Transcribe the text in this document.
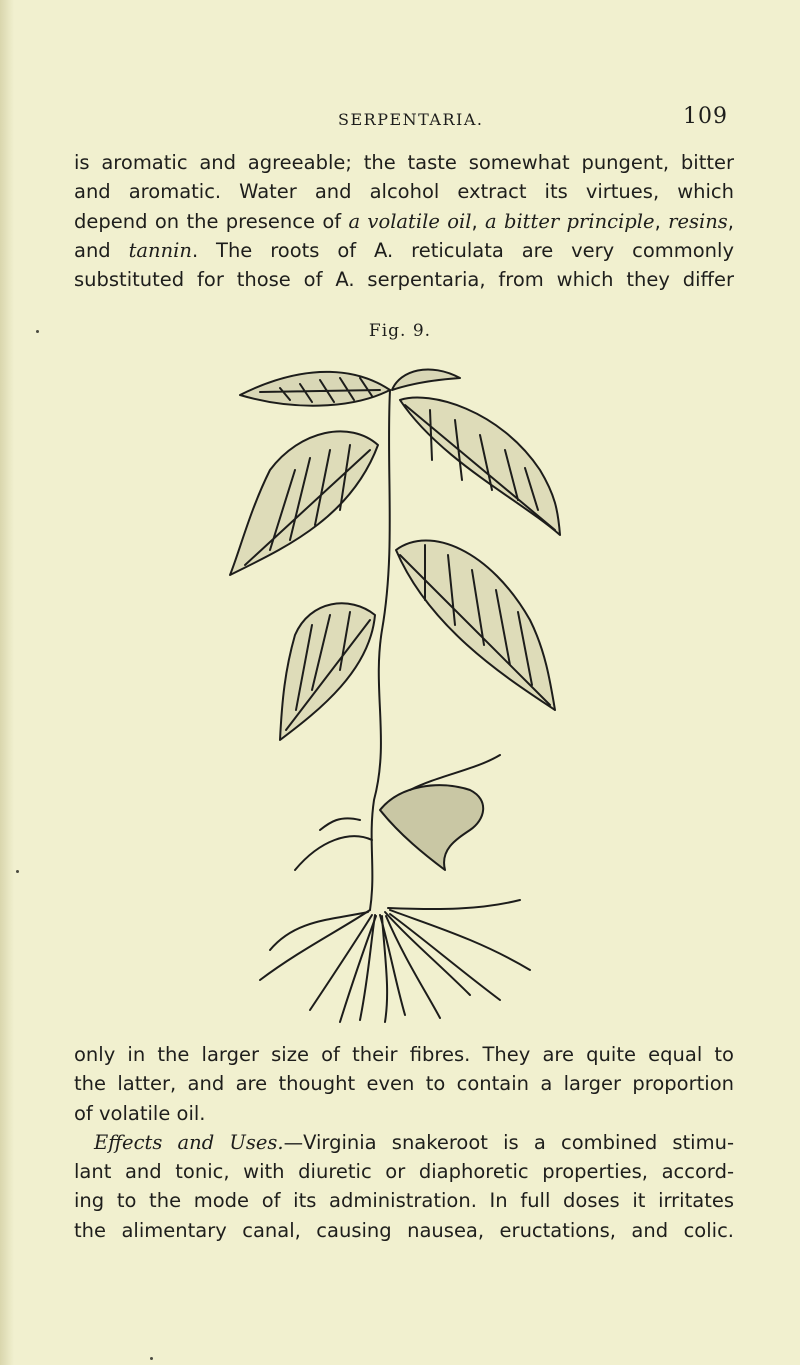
SERPENTARIA.	109

is aromatic and agreeable; the taste somewhat pungent, bitter
and aromatic. Water and alcohol extract its virtues, which
depend on the presence of a volatile oil, a bitter principle, resins,
and tannin. The roots of A. reticulata are very commonly
substituted for those of A. serpentaria, from which they differ

Fig. 9.

only in the larger size of their fibres. They are quite equal to
the latter, and are thought even to contain a larger proportion
of volatile oil.
Effects and Uses.—Virginia snakeroot is a combined stimu-
lant and tonic, with diuretic or diaphoretic properties, accord-
ing to the mode of its administration. In full doses it irritates
the alimentary canal, causing nausea, eructations, and colic.
